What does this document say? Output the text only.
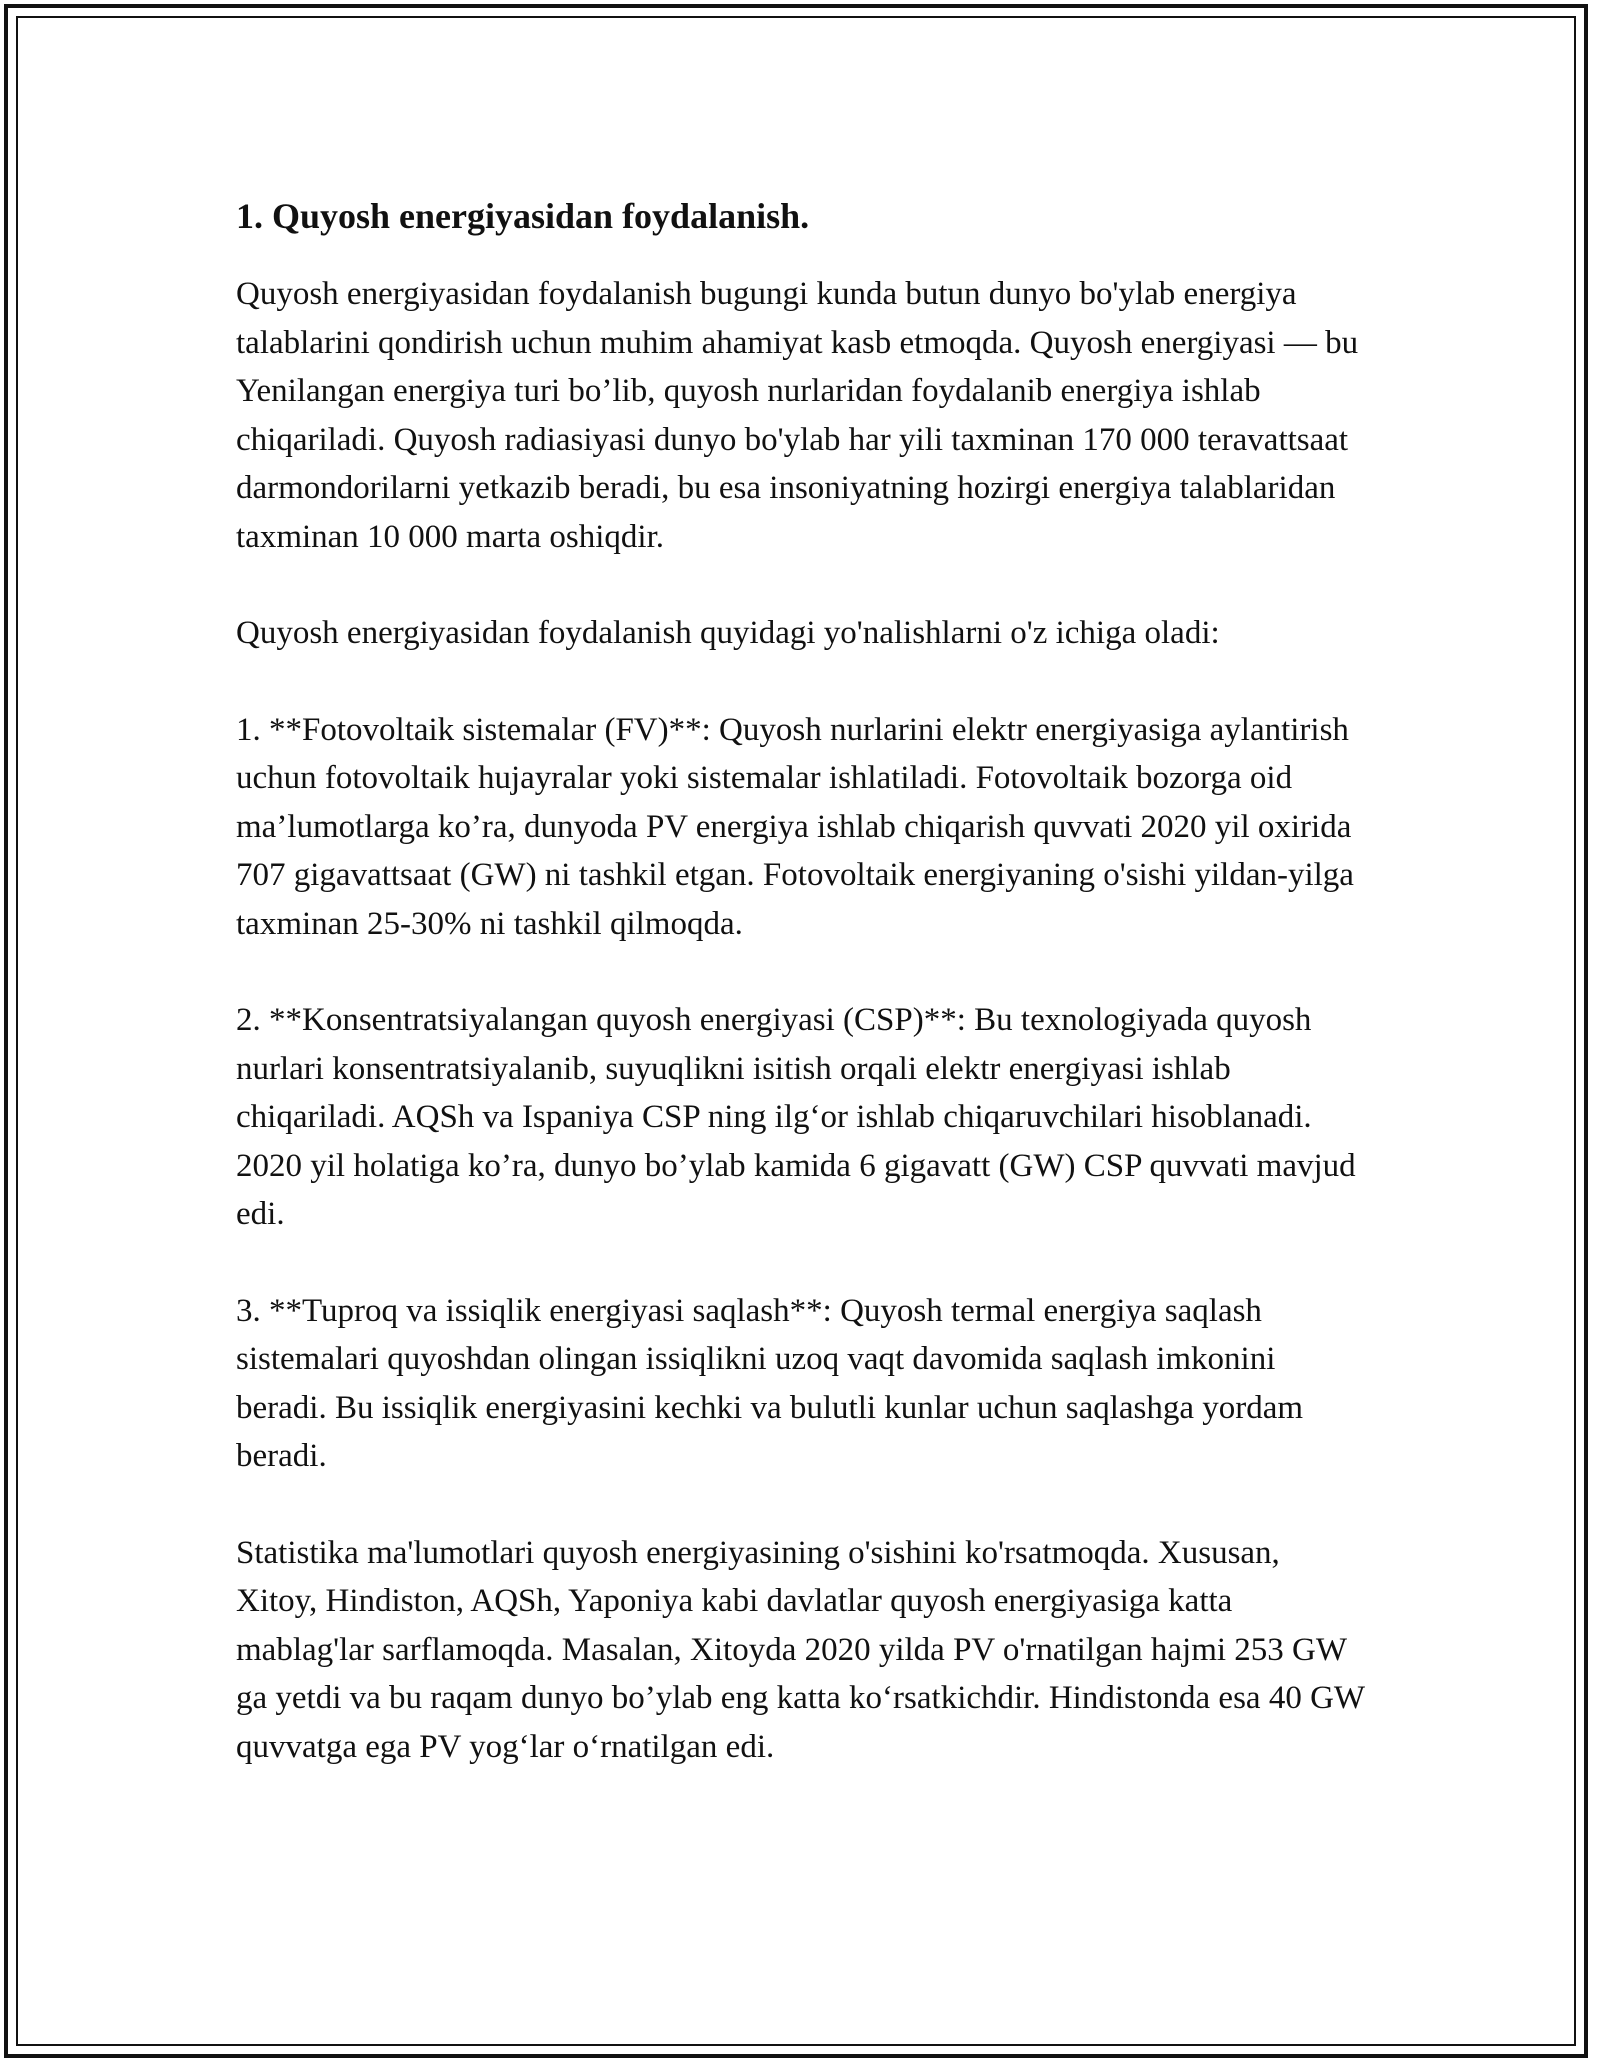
1. Quyosh energiyasidan foydalanish.

Quyosh energiyasidan foydalanish bugungi kunda butun dunyo bo'ylab energiya talablarini qondirish uchun muhim ahamiyat kasb etmoqda. Quyosh energiyasi — bu Yenilangan energiya turi bo’lib, quyosh nurlaridan foydalanib energiya ishlab chiqariladi. Quyosh radiasiyasi dunyo bo'ylab har yili taxminan 170 000 teravattsaat darmondorilarni yetkazib beradi, bu esa insoniyatning hozirgi energiya talablaridan taxminan 10 000 marta oshiqdir.

Quyosh energiyasidan foydalanish quyidagi yo'nalishlarni o'z ichiga oladi:

1. **Fotovoltaik sistemalar (FV)**: Quyosh nurlarini elektr energiyasiga aylantirish uchun fotovoltaik hujayralar yoki sistemalar ishlatiladi. Fotovoltaik bozorga oid ma’lumotlarga ko’ra, dunyoda PV energiya ishlab chiqarish quvvati 2020 yil oxirida 707 gigavattsaat (GW) ni tashkil etgan. Fotovoltaik energiyaning o'sishi yildan-yilga taxminan 25-30% ni tashkil qilmoqda.

2. **Konsentratsiyalangan quyosh energiyasi (CSP)**: Bu texnologiyada quyosh nurlari konsentratsiyalanib, suyuqlikni isitish orqali elektr energiyasi ishlab chiqariladi. AQSh va Ispaniya CSP ning ilg‘or ishlab chiqaruvchilari hisoblanadi. 2020 yil holatiga ko’ra, dunyo bo’ylab kamida 6 gigavatt (GW) CSP quvvati mavjud edi.

3. **Tuproq va issiqlik energiyasi saqlash**: Quyosh termal energiya saqlash sistemalari quyoshdan olingan issiqlikni uzoq vaqt davomida saqlash imkonini beradi. Bu issiqlik energiyasini kechki va bulutli kunlar uchun saqlashga yordam beradi.

Statistika ma'lumotlari quyosh energiyasining o'sishini ko'rsatmoqda. Xususan, Xitoy, Hindiston, AQSh, Yaponiya kabi davlatlar quyosh energiyasiga katta mablag'lar sarflamoqda. Masalan, Xitoyda 2020 yilda PV o'rnatilgan hajmi 253 GW ga yetdi va bu raqam dunyo bo’ylab eng katta ko‘rsatkichdir. Hindistonda esa 40 GW quvvatga ega PV yog‘lar o‘rnatilgan edi.
